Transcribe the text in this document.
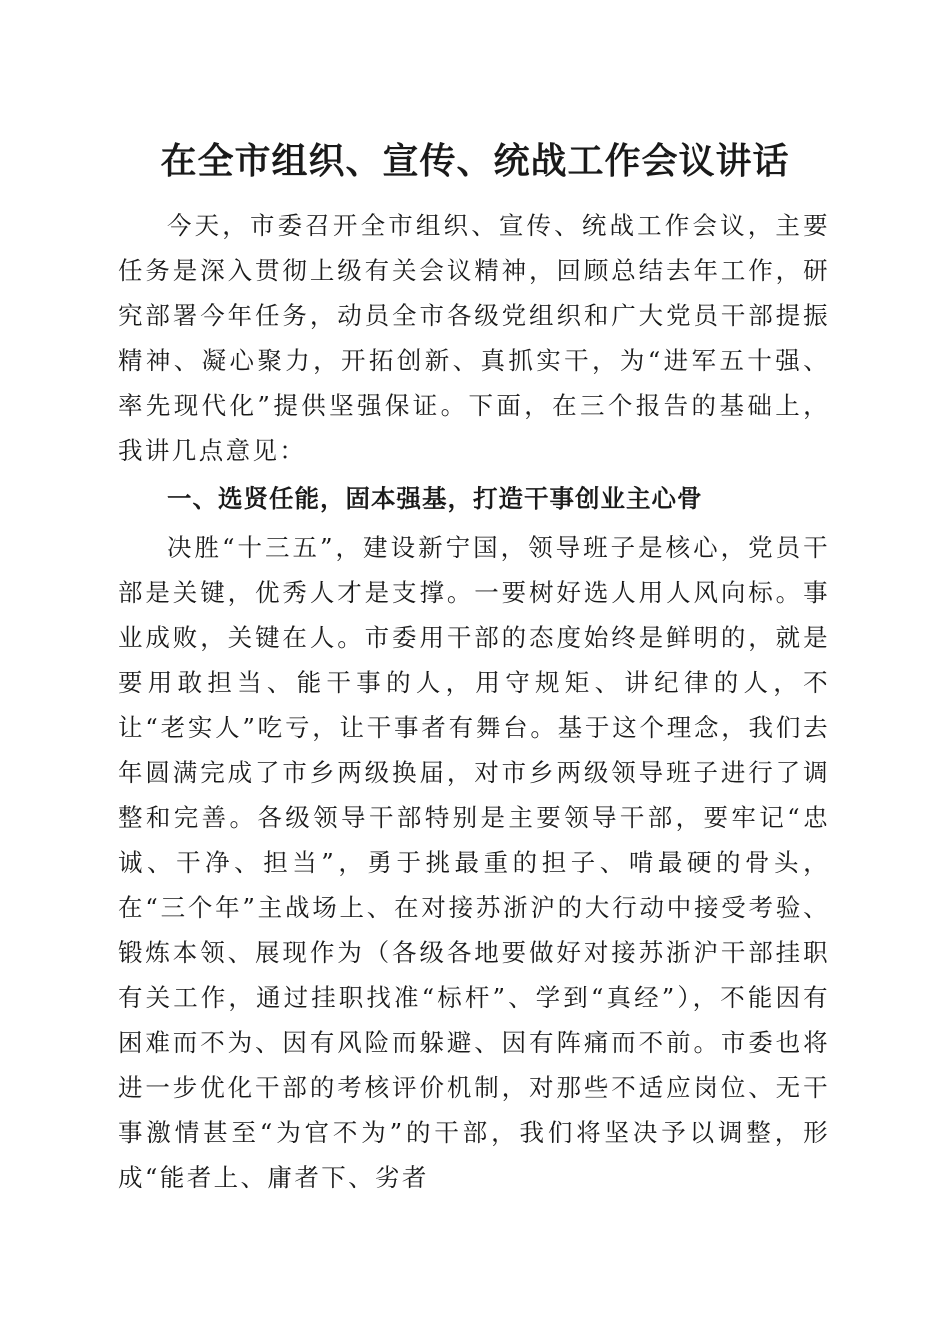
在全市组织、宣传、统战工作会议讲话

今天，市委召开全市组织、宣传、统战工作会议，主要任务是深入贯彻上级有关会议精神，回顾总结去年工作，研究部署今年任务，动员全市各级党组织和广大党员干部提振精神、凝心聚力，开拓创新、真抓实干，为“进军五十强、率先现代化”提供坚强保证。下面，在三个报告的基础上，我讲几点意见：

一、选贤任能，固本强基，打造干事创业主心骨

决胜“十三五”，建设新宁国，领导班子是核心，党员干部是关键，优秀人才是支撑。一要树好选人用人风向标。事业成败，关键在人。市委用干部的态度始终是鲜明的，就是要用敢担当、能干事的人，用守规矩、讲纪律的人，不让“老实人”吃亏，让干事者有舞台。基于这个理念，我们去年圆满完成了市乡两级换届，对市乡两级领导班子进行了调整和完善。各级领导干部特别是主要领导干部，要牢记“忠诚、干净、担当”，勇于挑最重的担子、啃最硬的骨头，在“三个年”主战场上、在对接苏浙沪的大行动中接受考验、锻炼本领、展现作为（各级各地要做好对接苏浙沪干部挂职有关工作，通过挂职找准“标杆”、学到“真经”），不能因有困难而不为、因有风险而躲避、因有阵痛而不前。市委也将进一步优化干部的考核评价机制，对那些不适应岗位、无干事激情甚至“为官不为”的干部，我们将坚决予以调整，形成“能者上、庸者下、劣者
